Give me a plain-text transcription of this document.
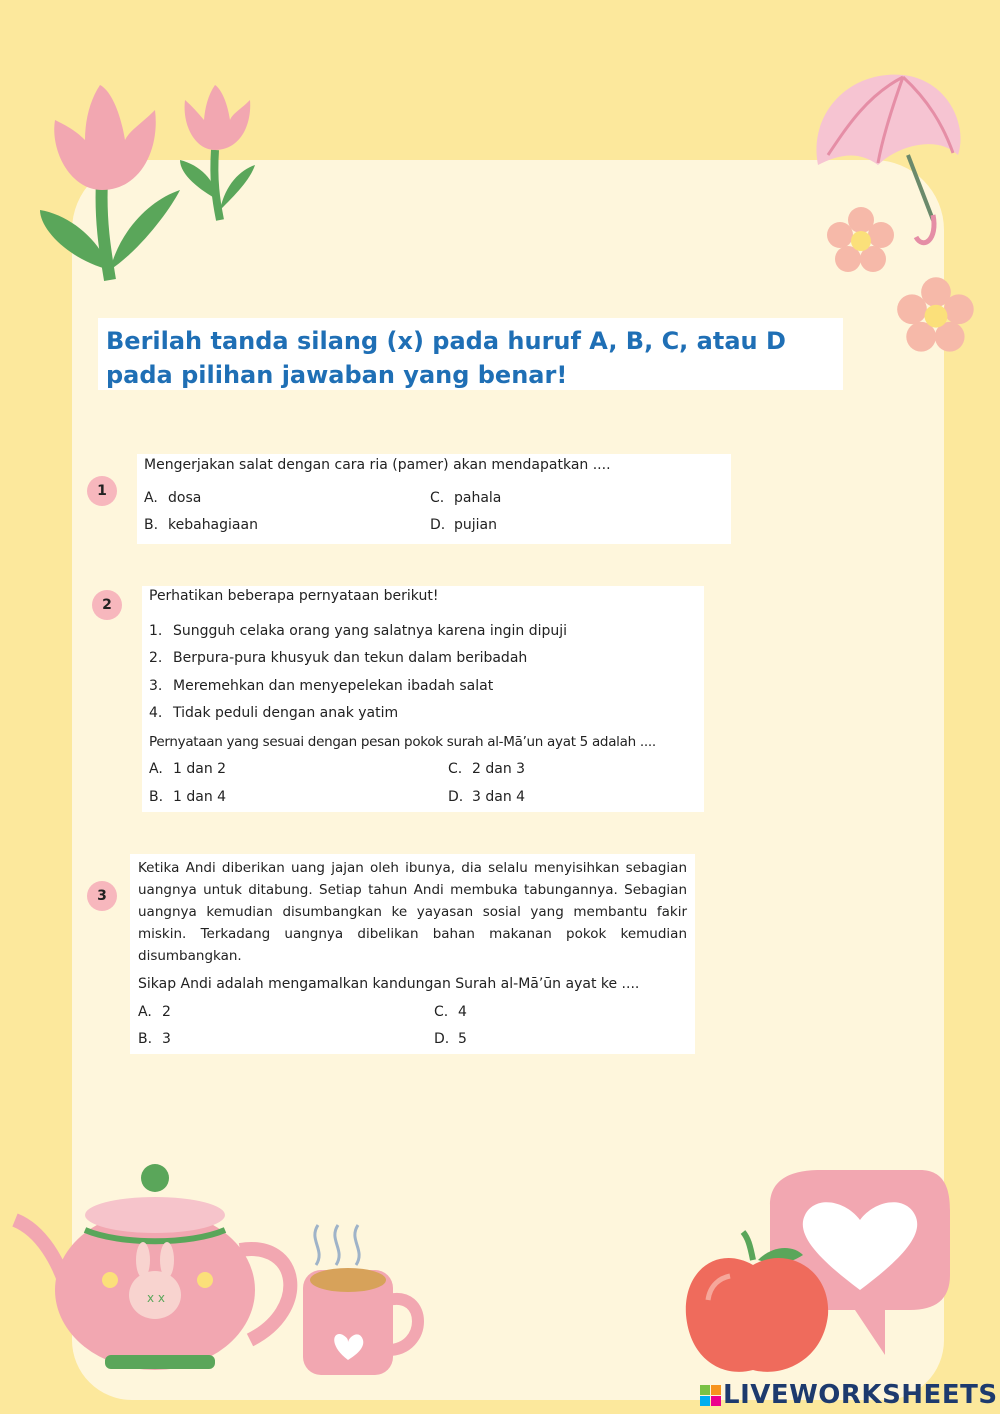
x x
Berilah tanda silang (x) pada huruf A, B, C, atau D pada pilihan jawaban yang benar!
1
Mengerjakan salat dengan cara ria (pamer) akan mendapatkan ....
A. dosa
B. kebahagiaan
C. pahala
D. pujian
2
Perhatikan beberapa pernyataan berikut!
1. Sungguh celaka orang yang salatnya karena ingin dipuji
2. Berpura-pura khusyuk dan tekun dalam beribadah
3. Meremehkan dan menyepelekan ibadah salat
4. Tidak peduli dengan anak yatim
Pernyataan yang sesuai dengan pesan pokok surah al-Mā’un ayat 5 adalah ....
A. 1 dan 2
B. 1 dan 4
C. 2 dan 3
D. 3 dan 4
3
Ketika Andi diberikan uang jajan oleh ibunya, dia selalu menyisihkan sebagian uangnya untuk ditabung. Setiap tahun Andi membuka tabungannya. Sebagian uangnya kemudian disumbangkan ke yayasan sosial yang membantu fakir miskin. Terkadang uangnya dibelikan bahan makanan pokok kemudian disumbangkan.
Sikap Andi adalah mengamalkan kandungan Surah al-Mā’ūn ayat ke ....
A. 2
B. 3
C. 4
D. 5
LIVEWORKSHEETS
